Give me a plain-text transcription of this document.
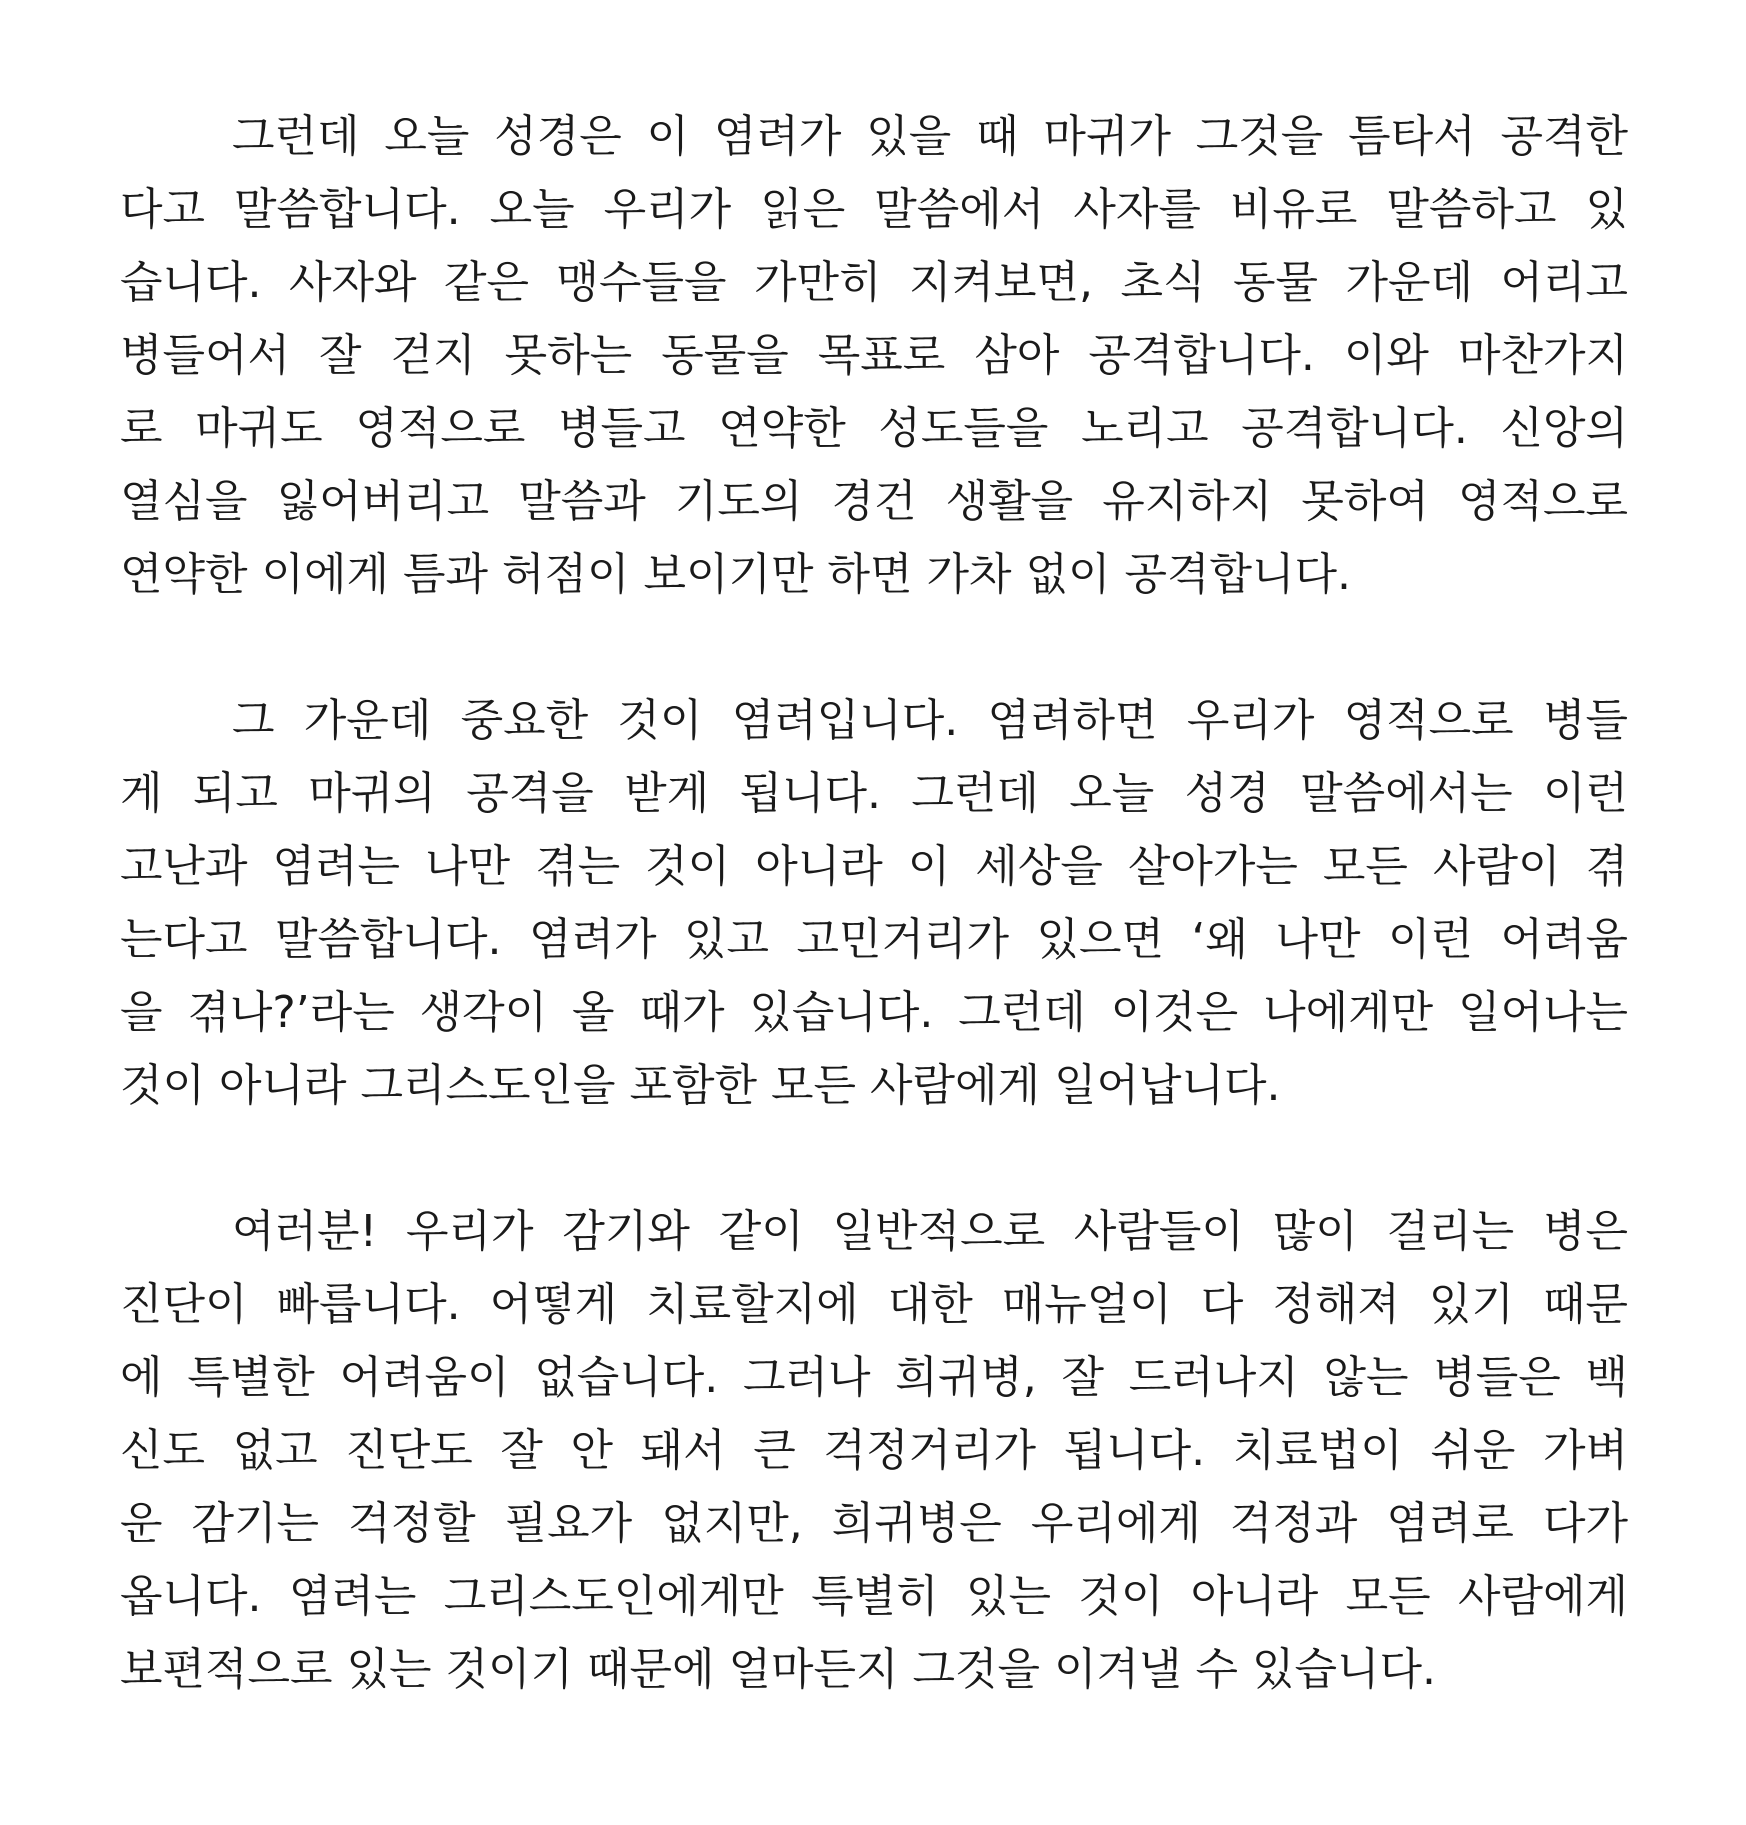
그런데 오늘 성경은 이 염려가 있을 때 마귀가 그것을 틈타서 공격한
다고 말씀합니다. 오늘 우리가 읽은 말씀에서 사자를 비유로 말씀하고 있
습니다. 사자와 같은 맹수들을 가만히 지켜보면, 초식 동물 가운데 어리고
병들어서 잘 걷지 못하는 동물을 목표로 삼아 공격합니다. 이와 마찬가지
로 마귀도 영적으로 병들고 연약한 성도들을 노리고 공격합니다. 신앙의
열심을 잃어버리고 말씀과 기도의 경건 생활을 유지하지 못하여 영적으로
연약한 이에게 틈과 허점이 보이기만 하면 가차 없이 공격합니다.
그 가운데 중요한 것이 염려입니다. 염려하면 우리가 영적으로 병들
게 되고 마귀의 공격을 받게 됩니다. 그런데 오늘 성경 말씀에서는 이런
고난과 염려는 나만 겪는 것이 아니라 이 세상을 살아가는 모든 사람이 겪
는다고 말씀합니다. 염려가 있고 고민거리가 있으면 ‘왜 나만 이런 어려움
을 겪나?’라는 생각이 올 때가 있습니다. 그런데 이것은 나에게만 일어나는
것이 아니라 그리스도인을 포함한 모든 사람에게 일어납니다.
여러분! 우리가 감기와 같이 일반적으로 사람들이 많이 걸리는 병은
진단이 빠릅니다. 어떻게 치료할지에 대한 매뉴얼이 다 정해져 있기 때문
에 특별한 어려움이 없습니다. 그러나 희귀병, 잘 드러나지 않는 병들은 백
신도 없고 진단도 잘 안 돼서 큰 걱정거리가 됩니다. 치료법이 쉬운 가벼
운 감기는 걱정할 필요가 없지만, 희귀병은 우리에게 걱정과 염려로 다가
옵니다. 염려는 그리스도인에게만 특별히 있는 것이 아니라 모든 사람에게
보편적으로 있는 것이기 때문에 얼마든지 그것을 이겨낼 수 있습니다.
